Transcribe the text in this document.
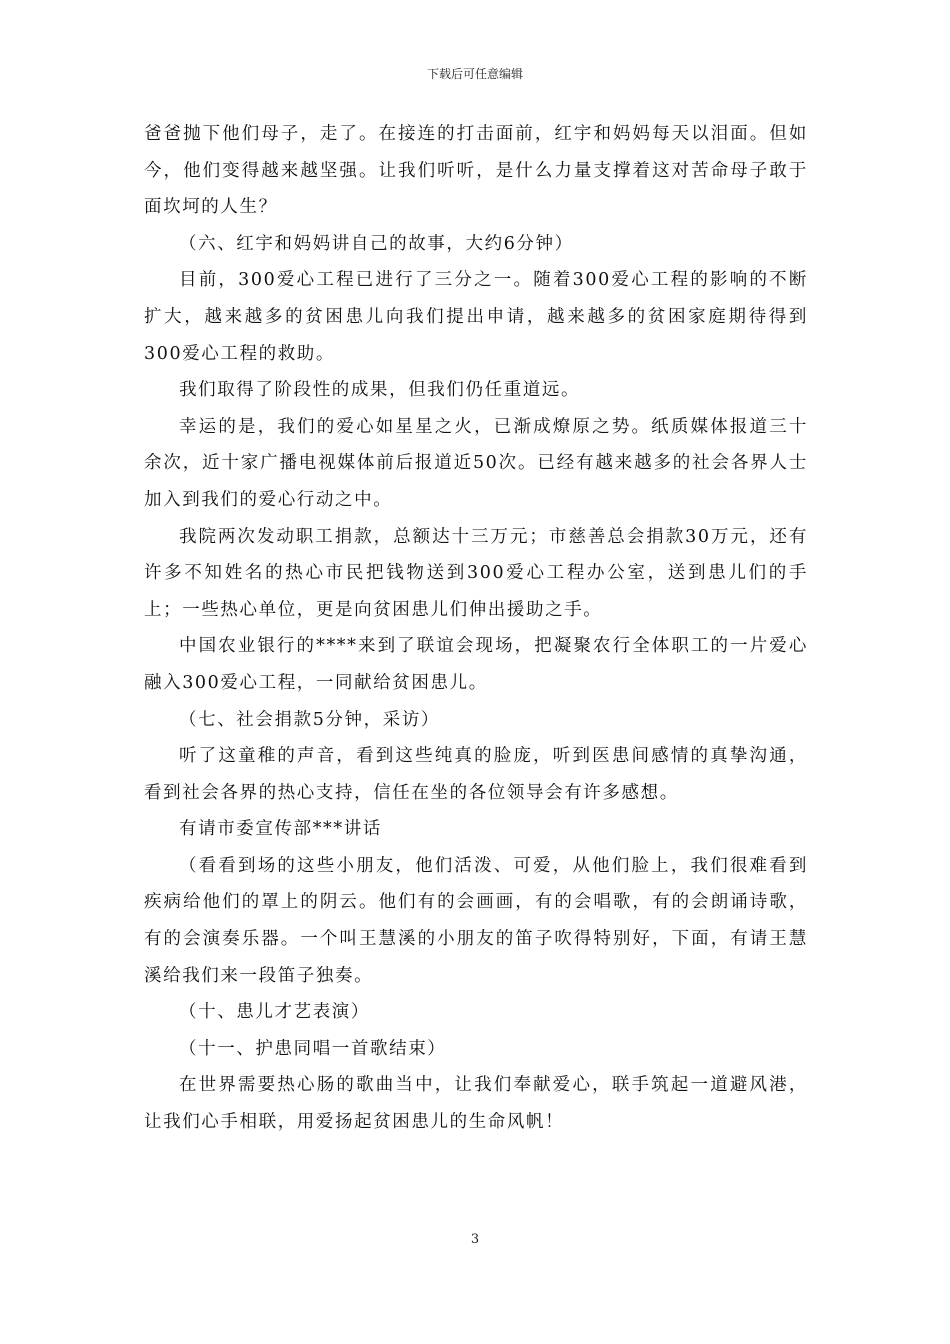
下载后可任意编辑

爸爸抛下他们母子，走了。在接连的打击面前，红宇和妈妈每天以泪面。但如今，他们变得越来越坚强。让我们听听，是什么力量支撑着这对苦命母子敢于面坎坷的人生？

（六、红宇和妈妈讲自己的故事，大约6分钟）

目前，300爱心工程已进行了三分之一。随着300爱心工程的影响的不断扩大，越来越多的贫困患儿向我们提出申请，越来越多的贫困家庭期待得到300爱心工程的救助。

我们取得了阶段性的成果，但我们仍任重道远。

幸运的是，我们的爱心如星星之火，已渐成燎原之势。纸质媒体报道三十余次，近十家广播电视媒体前后报道近50次。已经有越来越多的社会各界人士加入到我们的爱心行动之中。

我院两次发动职工捐款，总额达十三万元；市慈善总会捐款30万元，还有许多不知姓名的热心市民把钱物送到300爱心工程办公室，送到患儿们的手上；一些热心单位，更是向贫困患儿们伸出援助之手。

中国农业银行的****来到了联谊会现场，把凝聚农行全体职工的一片爱心融入300爱心工程，一同献给贫困患儿。

（七、社会捐款5分钟，采访）

听了这童稚的声音，看到这些纯真的脸庞，听到医患间感情的真挚沟通，看到社会各界的热心支持，信任在坐的各位领导会有许多感想。

有请市委宣传部***讲话

（看看到场的这些小朋友，他们活泼、可爱，从他们脸上，我们很难看到疾病给他们的罩上的阴云。他们有的会画画，有的会唱歌，有的会朗诵诗歌，有的会演奏乐器。一个叫王慧溪的小朋友的笛子吹得特别好，下面，有请王慧溪给我们来一段笛子独奏。

（十、患儿才艺表演）

（十一、护患同唱一首歌结束）

在世界需要热心肠的歌曲当中，让我们奉献爱心，联手筑起一道避风港，让我们心手相联，用爱扬起贫困患儿的生命风帆！

3
